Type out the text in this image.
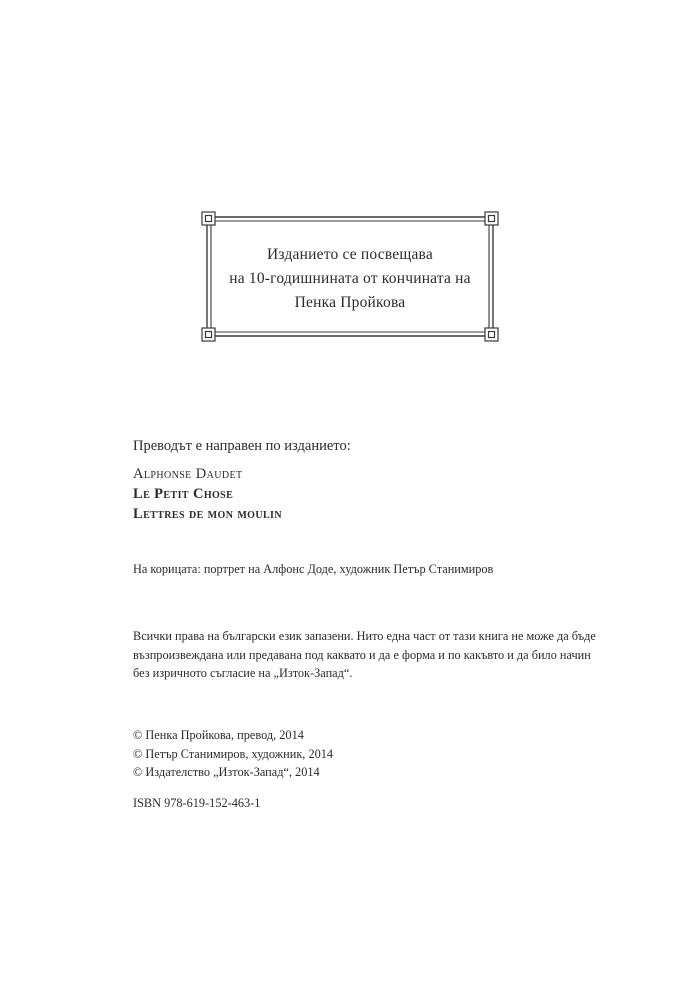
Изданието се посвещава
на 10-годишнината от кончината на
Пенка Пройкова
Преводът е направен по изданието:
Alphonse Daudet
Le Petit Chose
Lettres de mon moulin
На корицата: портрет на Алфонс Доде, художник Петър Станимиров
Всички права на български език запазени. Нито една част от тази книга не може да бъде
възпроизвеждана или предавана под каквато и да е форма и по какъвто и да било начин
без изричното съгласие на „Изток-Запад“.
© Пенка Пройкова, превод, 2014
© Петър Станимиров, художник, 2014
© Издателство „Изток-Запад“, 2014
ISBN 978-619-152-463-1
